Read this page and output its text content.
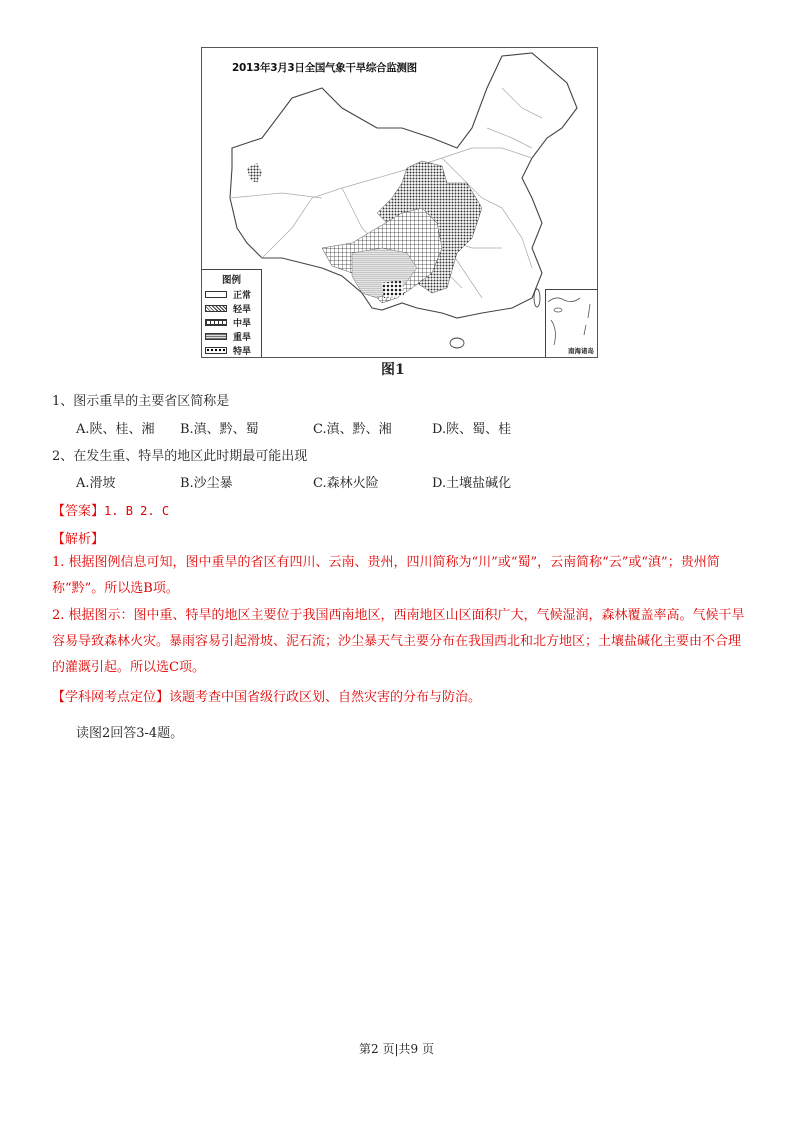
2013年3月3日全国气象干旱综合监测图
图例
正常
轻旱
中旱
重旱
特旱	南海诸岛
图1
1、图示重旱的主要省区简称是
A.陕、桂、湘 B.滇、黔、蜀	C.滇、黔、湘	D.陕、蜀、桂
2、在发生重、特旱的地区此时期最可能出现
A.滑坡	B.沙尘暴	C.森林火险	D.土壤盐碱化
【答案】1. B 2. C
【解析】
1. 根据图例信息可知，图中重旱的省区有四川、云南、贵州，四川简称为“川”或“蜀”，云南简称“云”或“滇”；贵州简称“黔”。所以选B项。
2. 根据图示：图中重、特旱的地区主要位于我国西南地区，西南地区山区面积广大，气候湿润，森林覆盖率高。气候干旱容易导致森林火灾。暴雨容易引起滑坡、泥石流；沙尘暴天气主要分布在我国西北和北方地区；土壤盐碱化主要由不合理的灌溉引起。所以选C项。
【学科网考点定位】该题考查中国省级行政区划、自然灾害的分布与防治。
读图2回答3-4题。
第2 页|共9 页
